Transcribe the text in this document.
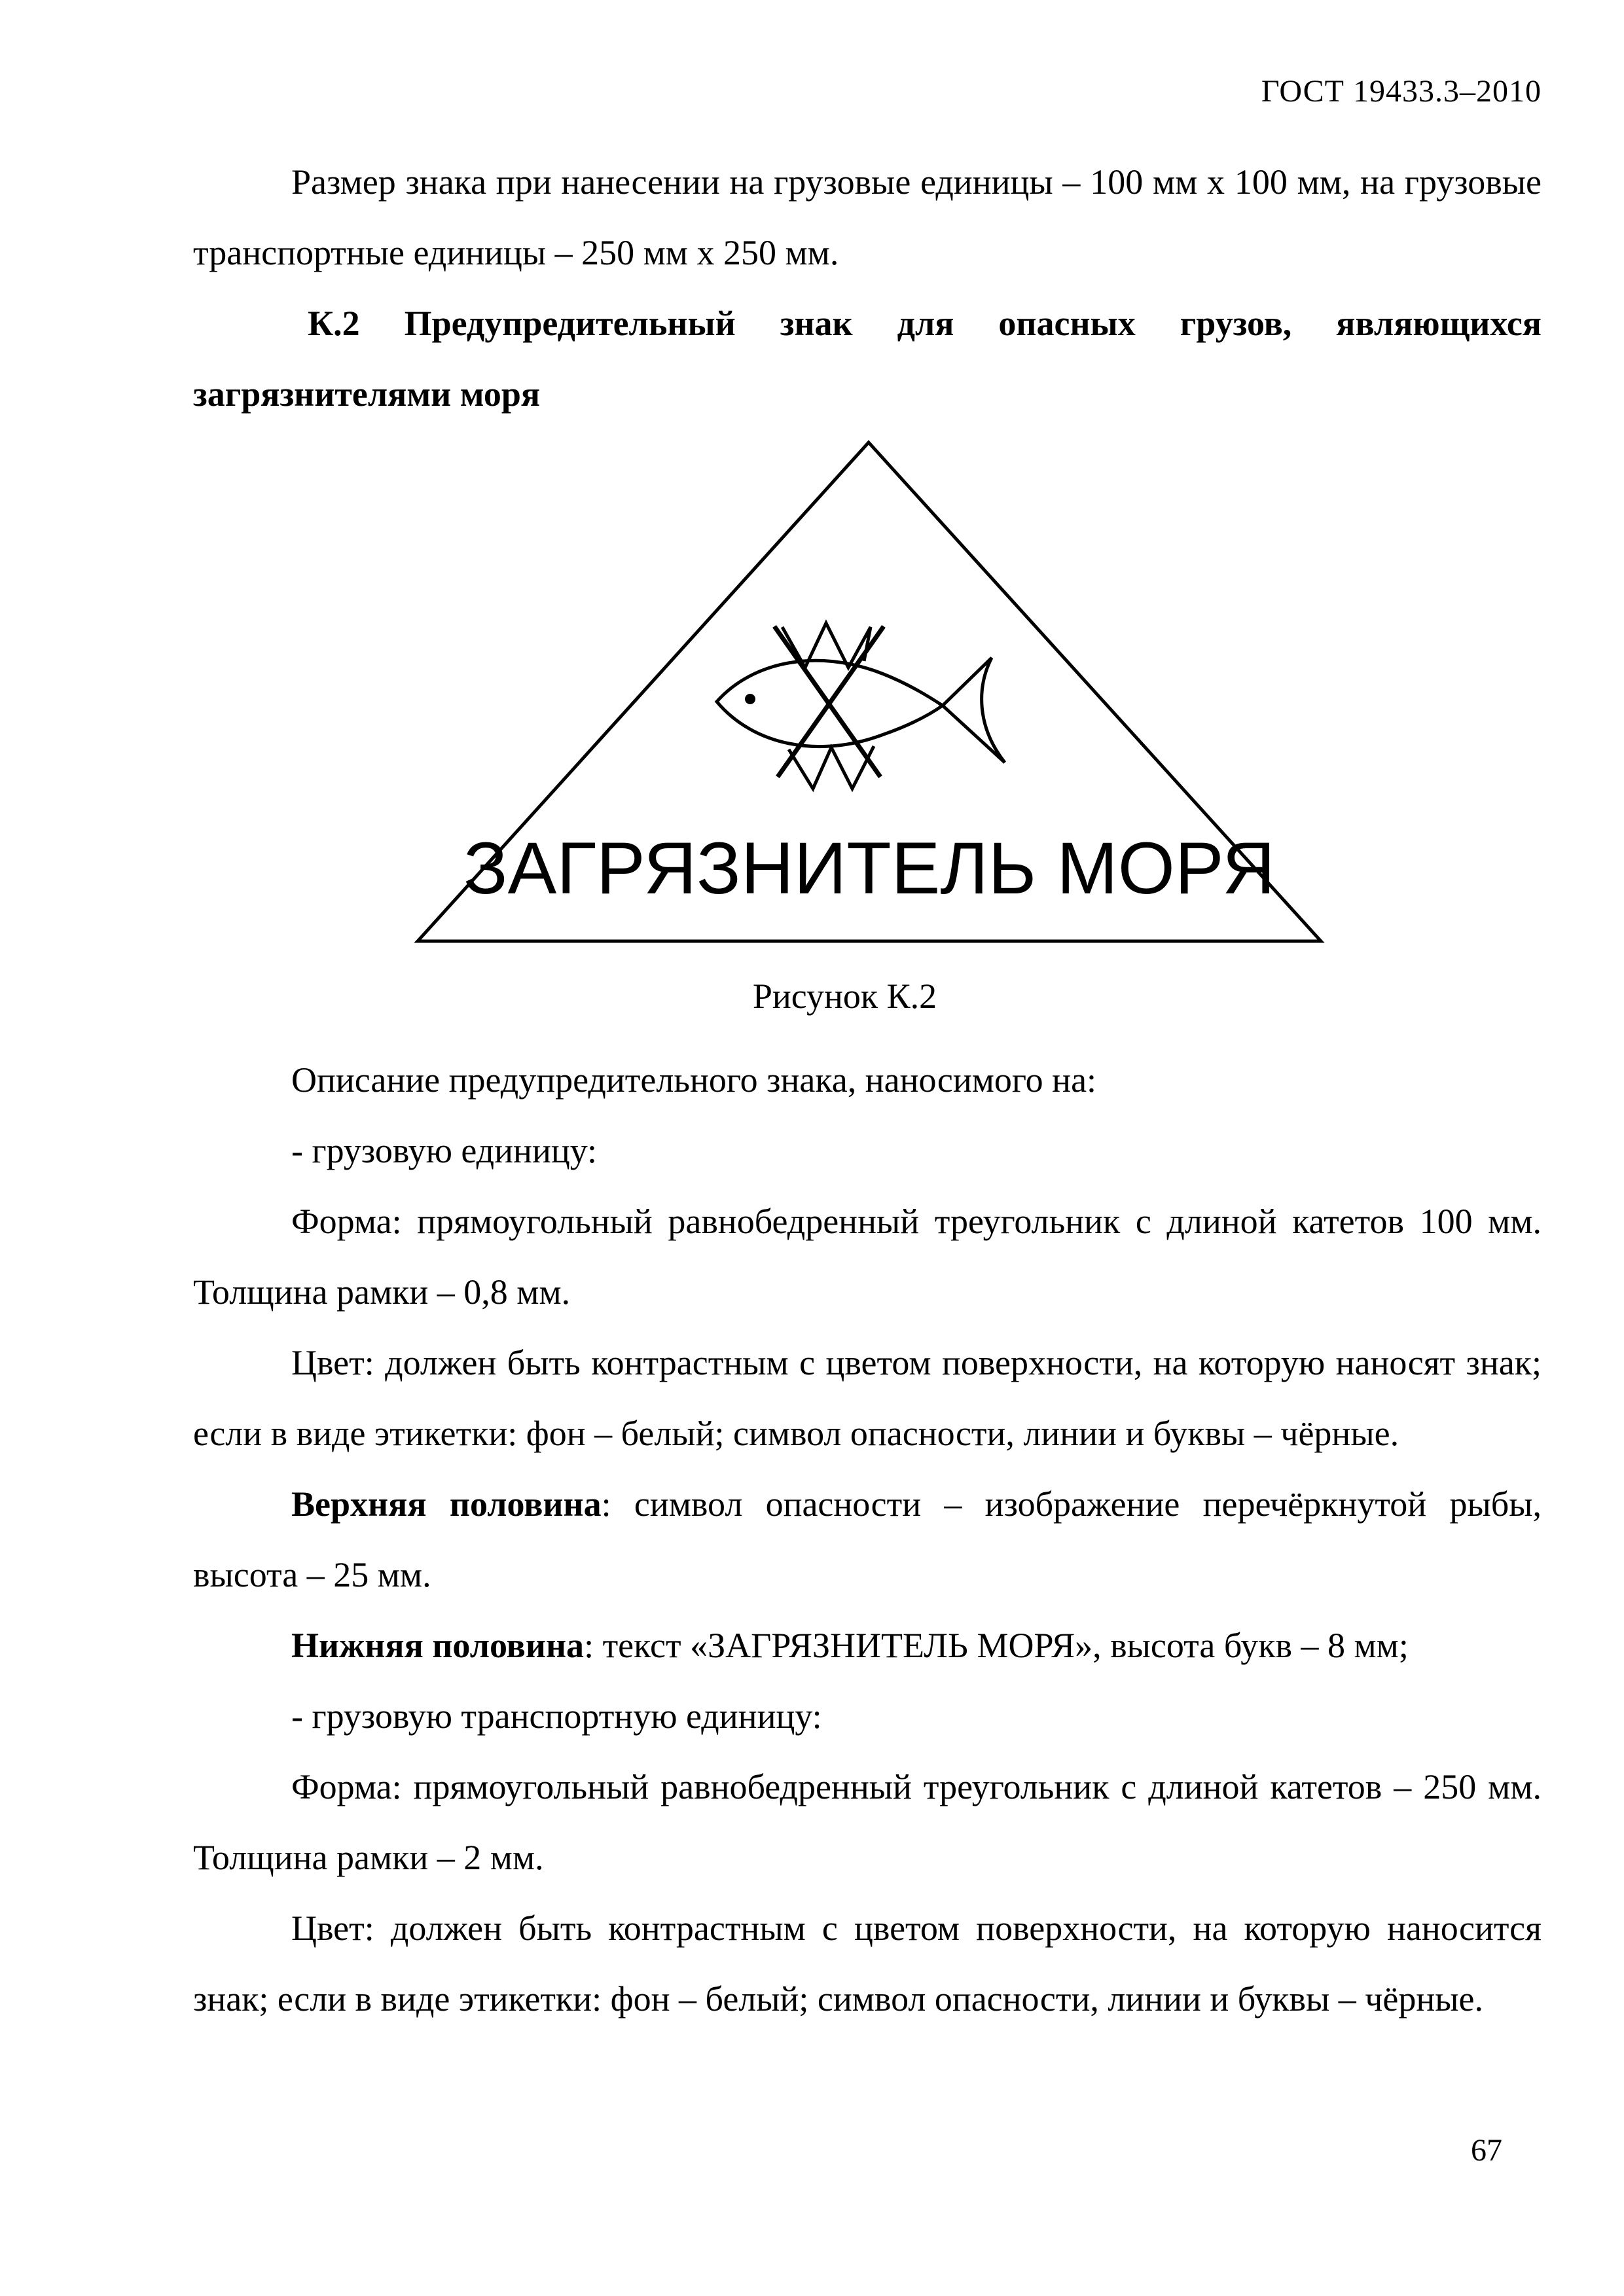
ГОСТ 19433.3–2010

Размер знака при нанесении на грузовые единицы – 100 мм х 100 мм, на грузовые транспортные единицы – 250 мм х 250 мм.

К.2 Предупредительный знак для опасных грузов, являющихся загрязнителями моря

ЗАГРЯЗНИТЕЛЬ МОРЯ
Рисунок К.2

Описание предупредительного знака, наносимого на:

- грузовую единицу:

Форма: прямоугольный равнобедренный треугольник с длиной катетов 100 мм. Толщина рамки – 0,8 мм.

Цвет: должен быть контрастным с цветом поверхности, на которую наносят знак; если в виде этикетки: фон – белый; символ опасности, линии и буквы – чёрные.

Верхняя половина: символ опасности – изображение перечёркнутой рыбы, высота – 25 мм.

Нижняя половина: текст «ЗАГРЯЗНИТЕЛЬ МОРЯ», высота букв – 8 мм;

- грузовую транспортную единицу:

Форма: прямоугольный равнобедренный треугольник с длиной катетов – 250 мм. Толщина рамки – 2 мм.

Цвет: должен быть контрастным с цветом поверхности, на которую наносится знак; если в виде этикетки: фон – белый; символ опасности, линии и буквы – чёрные.

67
